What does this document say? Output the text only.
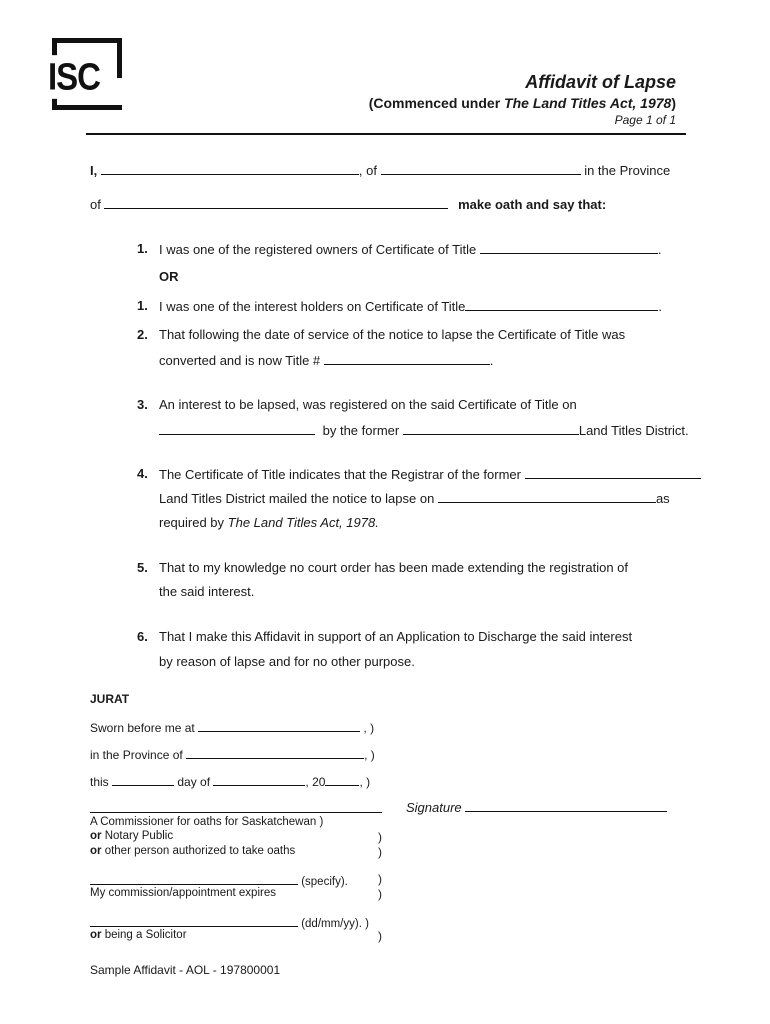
ISC	Affidavit of Lapse
(Commenced under The Land Titles Act, 1978)
Page 1 of 1
I,	, of	in the Province
of	make oath and say that:
1. I was one of the registered owners of Certificate of Title	.
OR
1. I was one of the interest holders on Certificate of Title	.
2. That following the date of service of the notice to lapse the Certificate of Title was
converted and is now Title #	.
3. An interest to be lapsed, was registered on the said Certificate of Title on
by the former	Land Titles District.
4. The Certificate of Title indicates that the Registrar of the former
Land Titles District mailed the notice to lapse on	as
required by The Land Titles Act, 1978.
5. That to my knowledge no court order has been made extending the registration of
the said interest.
6. That I make this Affidavit in support of an Application to Discharge the said interest
by reason of lapse and for no other purpose.
JURAT
Sworn before me at	, )
in the Province of	, )
this	day of	, 20	, )
Signature
A Commissioner for oaths for Saskatchewan )
or Notary Public	)
or other person authorized to take oaths	)
(specify).	)
My commission/appointment expires	)
(dd/mm/yy). )
or being a Solicitor	)
Sample Affidavit - AOL - 197800001
